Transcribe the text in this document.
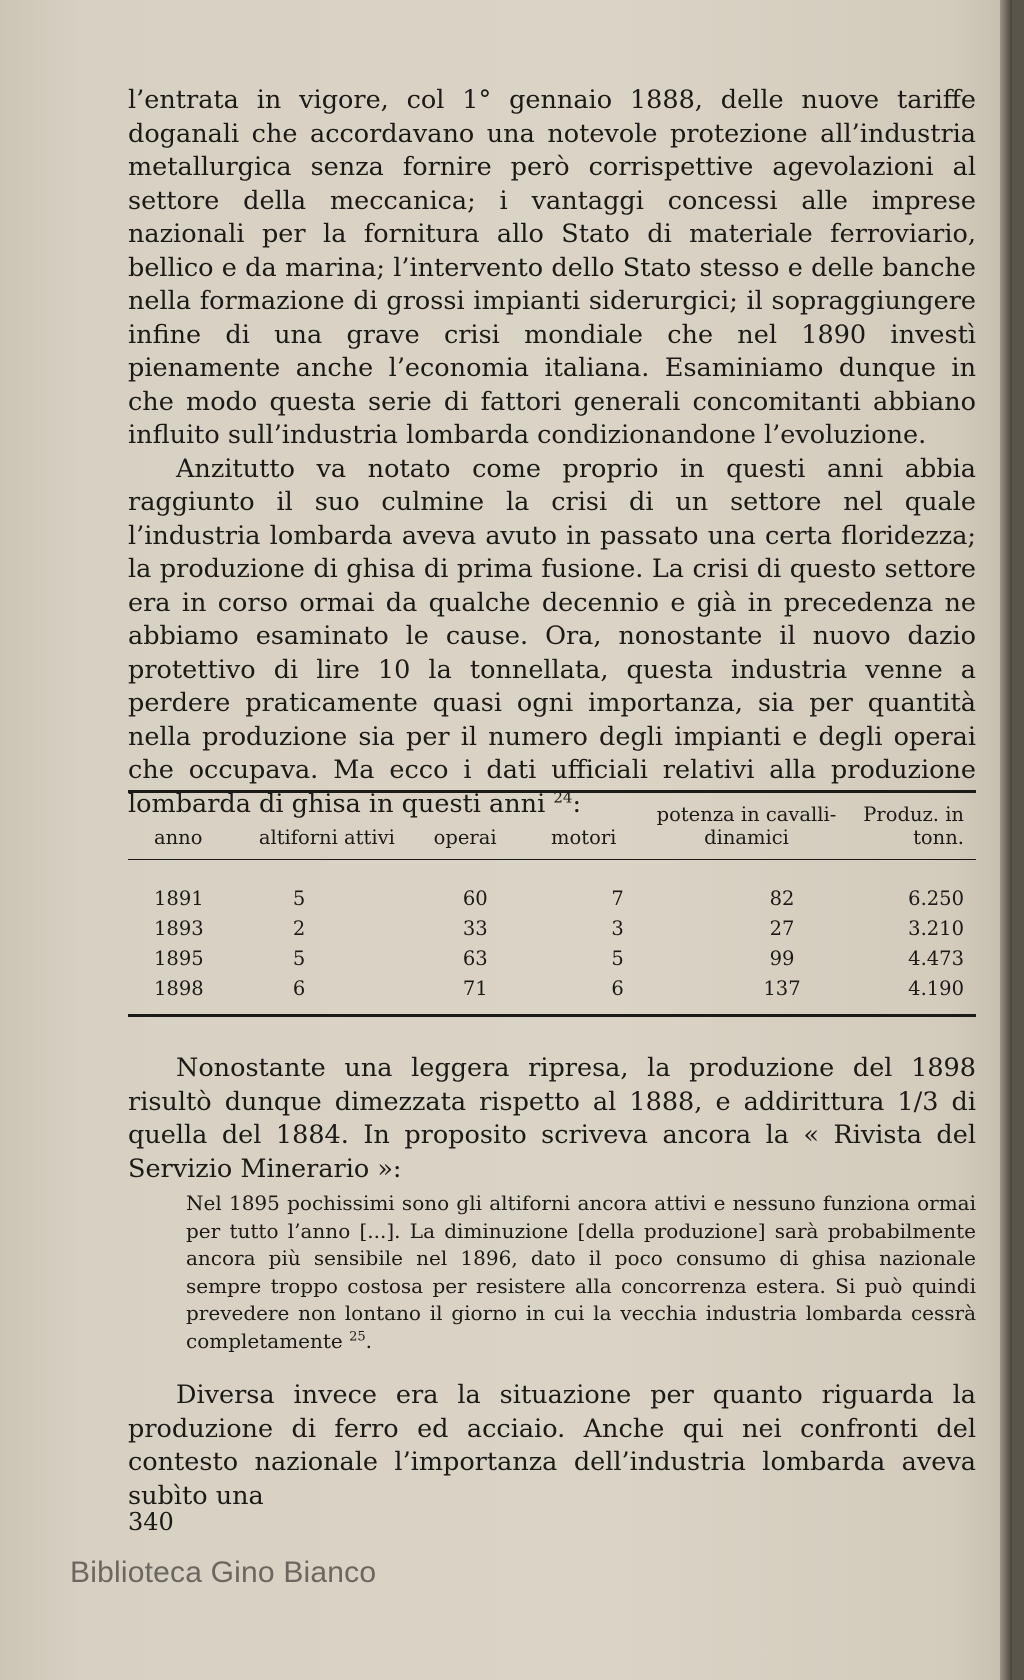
l’entrata in vigore, col 1° gennaio 1888, delle nuove tariffe doganali che accordavano una notevole protezione all’industria metallurgica senza fornire però corrispettive agevolazioni al settore della meccanica; i vantaggi concessi alle imprese nazionali per la fornitura allo Stato di materiale ferroviario, bellico e da marina; l’intervento dello Stato stesso e delle banche nella formazione di grossi impianti siderurgici; il sopraggiungere infine di una grave crisi mondiale che nel 1890 investì pienamente anche l’economia italiana. Esaminiamo dunque in che modo questa serie di fattori generali concomitanti abbiano influito sull’industria lombarda condizionandone l’evoluzione.

Anzitutto va notato come proprio in questi anni abbia raggiunto il suo culmine la crisi di un settore nel quale l’industria lombarda aveva avuto in passato una certa floridezza; la produzione di ghisa di prima fusione. La crisi di questo settore era in corso ormai da qualche decennio e già in precedenza ne abbiamo esaminato le cause. Ora, nonostante il nuovo dazio protettivo di lire 10 la tonnellata, questa industria venne a perdere praticamente quasi ogni importanza, sia per quantità nella produzione sia per il numero degli impianti e degli operai che occupava. Ma ecco i dati ufficiali relativi alla produzione lombarda di ghisa in questi anni $^{24}$:

anno	altiforni attivi	operai	motori	potenza in cavalli-dinamici	Produz. in tonn.
1891	5	60	7	82	6.250
1893	2	33	3	27	3.210
1895	5	63	5	99	4.473
1898	6	71	6	137	4.190

Nonostante una leggera ripresa, la produzione del 1898 risultò dunque dimezzata rispetto al 1888, e addirittura 1/3 di quella del 1884. In proposito scriveva ancora la « Rivista del Servizio Minerario »:

Nel 1895 pochissimi sono gli altiforni ancora attivi e nessuno funziona ormai per tutto l’anno [...]. La diminuzione [della produzione] sarà probabilmente ancora più sensibile nel 1896, dato il poco consumo di ghisa nazionale sempre troppo costosa per resistere alla concorrenza estera. Si può quindi prevedere non lontano il giorno in cui la vecchia industria lombarda cessrà completamente $^{25}$.

Diversa invece era la situazione per quanto riguarda la produzione di ferro ed acciaio. Anche qui nei confronti del contesto nazionale l’importanza dell’industria lombarda aveva subìto una

340
Biblioteca Gino Bianco
